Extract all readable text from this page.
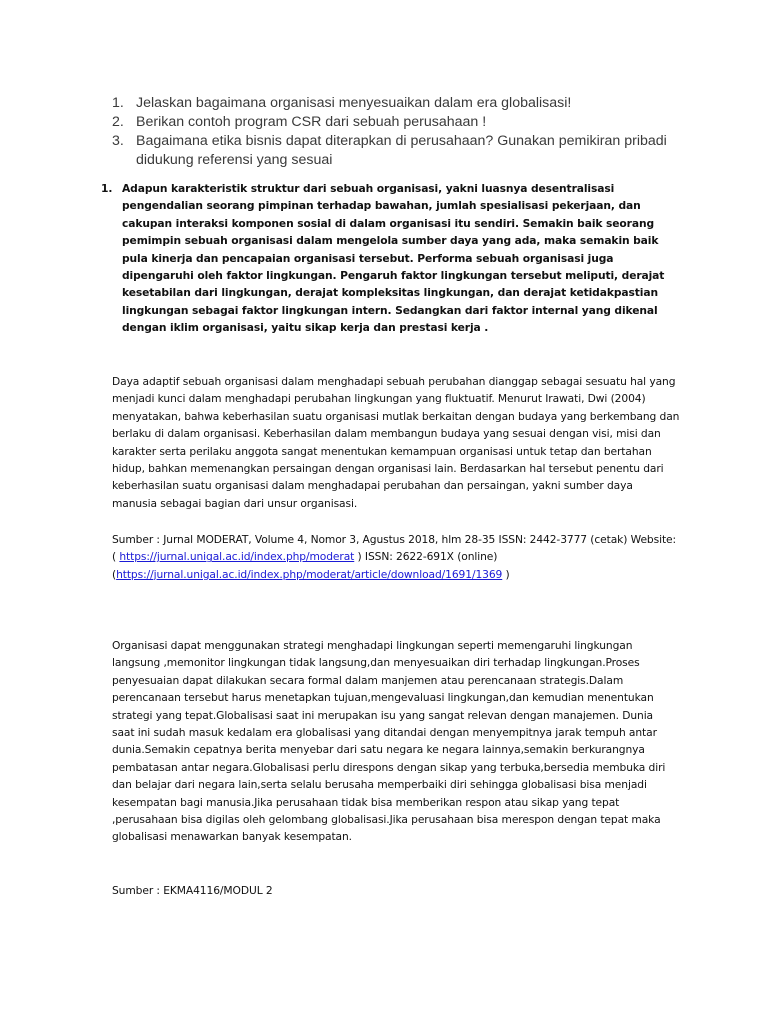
1. Jelaskan bagaimana organisasi menyesuaikan dalam era globalisasi!
2. Berikan contoh program CSR dari sebuah perusahaan !
3. Bagaimana etika bisnis dapat diterapkan di perusahaan? Gunakan pemikiran pribadi didukung referensi yang sesuai
1. Adapun karakteristik struktur dari sebuah organisasi, yakni luasnya desentralisasi pengendalian seorang pimpinan terhadap bawahan, jumlah spesialisasi pekerjaan, dan cakupan interaksi komponen sosial di dalam organisasi itu sendiri. Semakin baik seorang pemimpin sebuah organisasi dalam mengelola sumber daya yang ada, maka semakin baik pula kinerja dan pencapaian organisasi tersebut. Performa sebuah organisasi juga dipengaruhi oleh faktor lingkungan. Pengaruh faktor lingkungan tersebut meliputi, derajat kesetabilan dari lingkungan, derajat kompleksitas lingkungan, dan derajat ketidakpastian lingkungan sebagai faktor lingkungan intern. Sedangkan dari faktor internal yang dikenal dengan iklim organisasi, yaitu sikap kerja dan prestasi kerja .

Daya adaptif sebuah organisasi dalam menghadapi sebuah perubahan dianggap sebagai sesuatu hal yang menjadi kunci dalam menghadapi perubahan lingkungan yang fluktuatif. Menurut Irawati, Dwi (2004) menyatakan, bahwa keberhasilan suatu organisasi mutlak berkaitan dengan budaya yang berkembang dan berlaku di dalam organisasi. Keberhasilan dalam membangun budaya yang sesuai dengan visi, misi dan karakter serta perilaku anggota sangat menentukan kemampuan organisasi untuk tetap dan bertahan hidup, bahkan memenangkan persaingan dengan organisasi lain. Berdasarkan hal tersebut penentu dari keberhasilan suatu organisasi dalam menghadapai perubahan dan persaingan, yakni sumber daya manusia sebagai bagian dari unsur organisasi.

Sumber : Jurnal MODERAT, Volume 4, Nomor 3, Agustus 2018, hlm 28-35 ISSN: 2442-3777 (cetak) Website: ( https://jurnal.unigal.ac.id/index.php/moderat ) ISSN: 2622-691X (online) (https://jurnal.unigal.ac.id/index.php/moderat/article/download/1691/1369 )

Organisasi dapat menggunakan strategi menghadapi lingkungan seperti memengaruhi lingkungan langsung ,memonitor lingkungan tidak langsung,dan menyesuaikan diri terhadap lingkungan.Proses penyesuaian dapat dilakukan secara formal dalam manjemen atau perencanaan strategis.Dalam perencanaan tersebut harus menetapkan tujuan,mengevaluasi lingkungan,dan kemudian menentukan strategi yang tepat.Globalisasi saat ini merupakan isu yang sangat relevan dengan manajemen. Dunia saat ini sudah masuk kedalam era globalisasi yang ditandai dengan menyempitnya jarak tempuh antar dunia.Semakin cepatnya berita menyebar dari satu negara ke negara lainnya,semakin berkurangnya pembatasan antar negara.Globalisasi perlu direspons dengan sikap yang terbuka,bersedia membuka diri dan belajar dari negara lain,serta selalu berusaha memperbaiki diri sehingga globalisasi bisa menjadi kesempatan bagi manusia.Jika perusahaan tidak bisa memberikan respon atau sikap yang tepat ,perusahaan bisa digilas oleh gelombang globalisasi.Jika perusahaan bisa merespon dengan tepat maka globalisasi menawarkan banyak kesempatan.

Sumber : EKMA4116/MODUL 2
